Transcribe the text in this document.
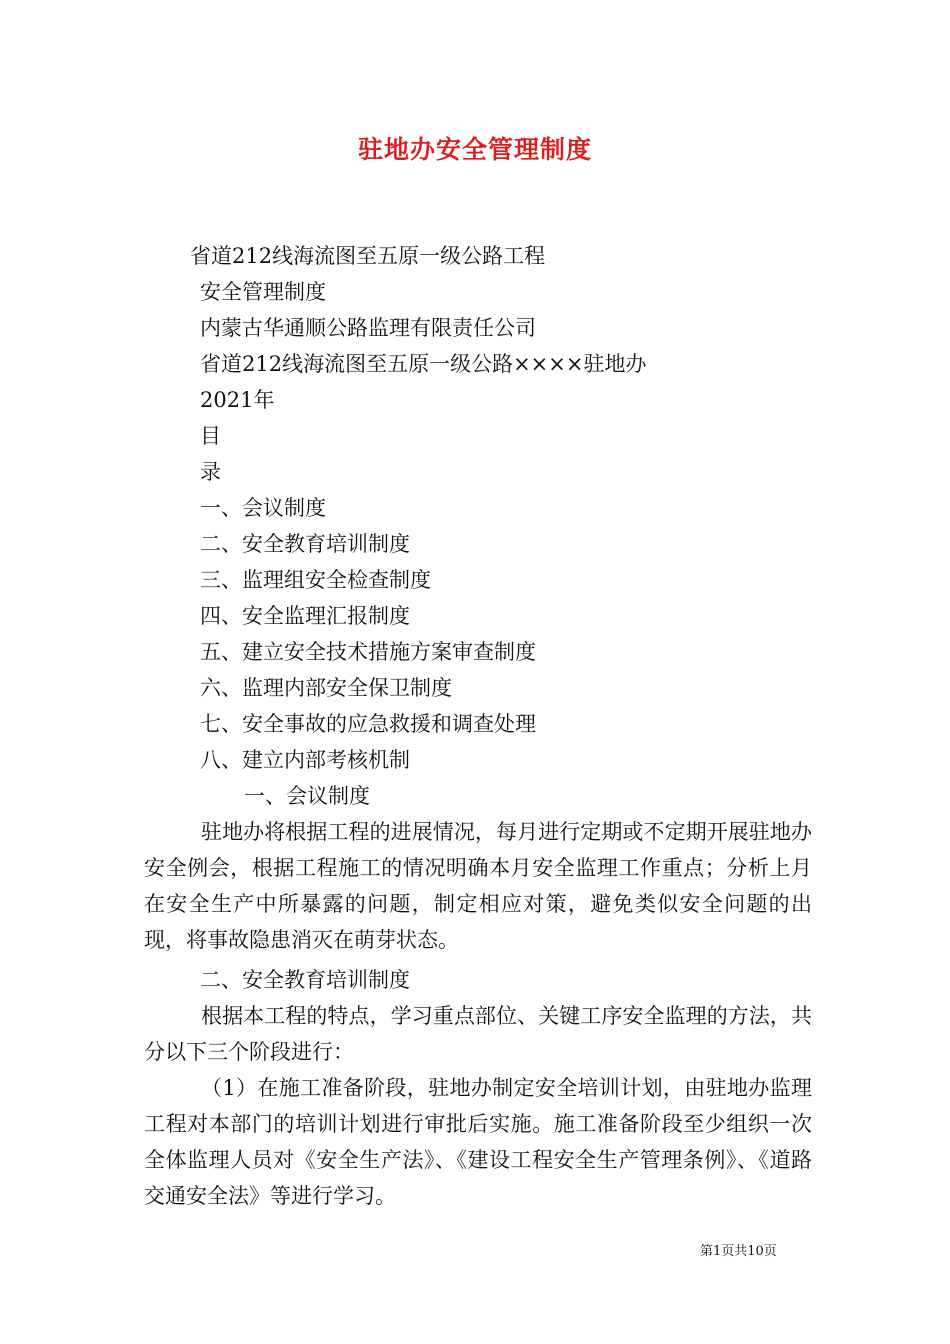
驻地办安全管理制度
省道212线海流图至五原一级公路工程
安全管理制度
内蒙古华通顺公路监理有限责任公司
省道212线海流图至五原一级公路××××驻地办
2021年
目
录
一、会议制度
二、安全教育培训制度
三、监理组安全检查制度
四、安全监理汇报制度
五、建立安全技术措施方案审查制度
六、监理内部安全保卫制度
七、安全事故的应急救援和调查处理
八、建立内部考核机制
一、会议制度
驻地办将根据工程的进展情况，每月进行定期或不定期开展驻地办安全例会，根据工程施工的情况明确本月安全监理工作重点；分析上月在安全生产中所暴露的问题，制定相应对策，避免类似安全问题的出现，将事故隐患消灭在萌芽状态。
二、安全教育培训制度
根据本工程的特点，学习重点部位、关键工序安全监理的方法，共分以下三个阶段进行：
（1）在施工准备阶段，驻地办制定安全培训计划，由驻地办监理工程对本部门的培训计划进行审批后实施。施工准备阶段至少组织一次全体监理人员对《安全生产法》、《建设工程安全生产管理条例》、《道路交通安全法》等进行学习。
第1页共10页
